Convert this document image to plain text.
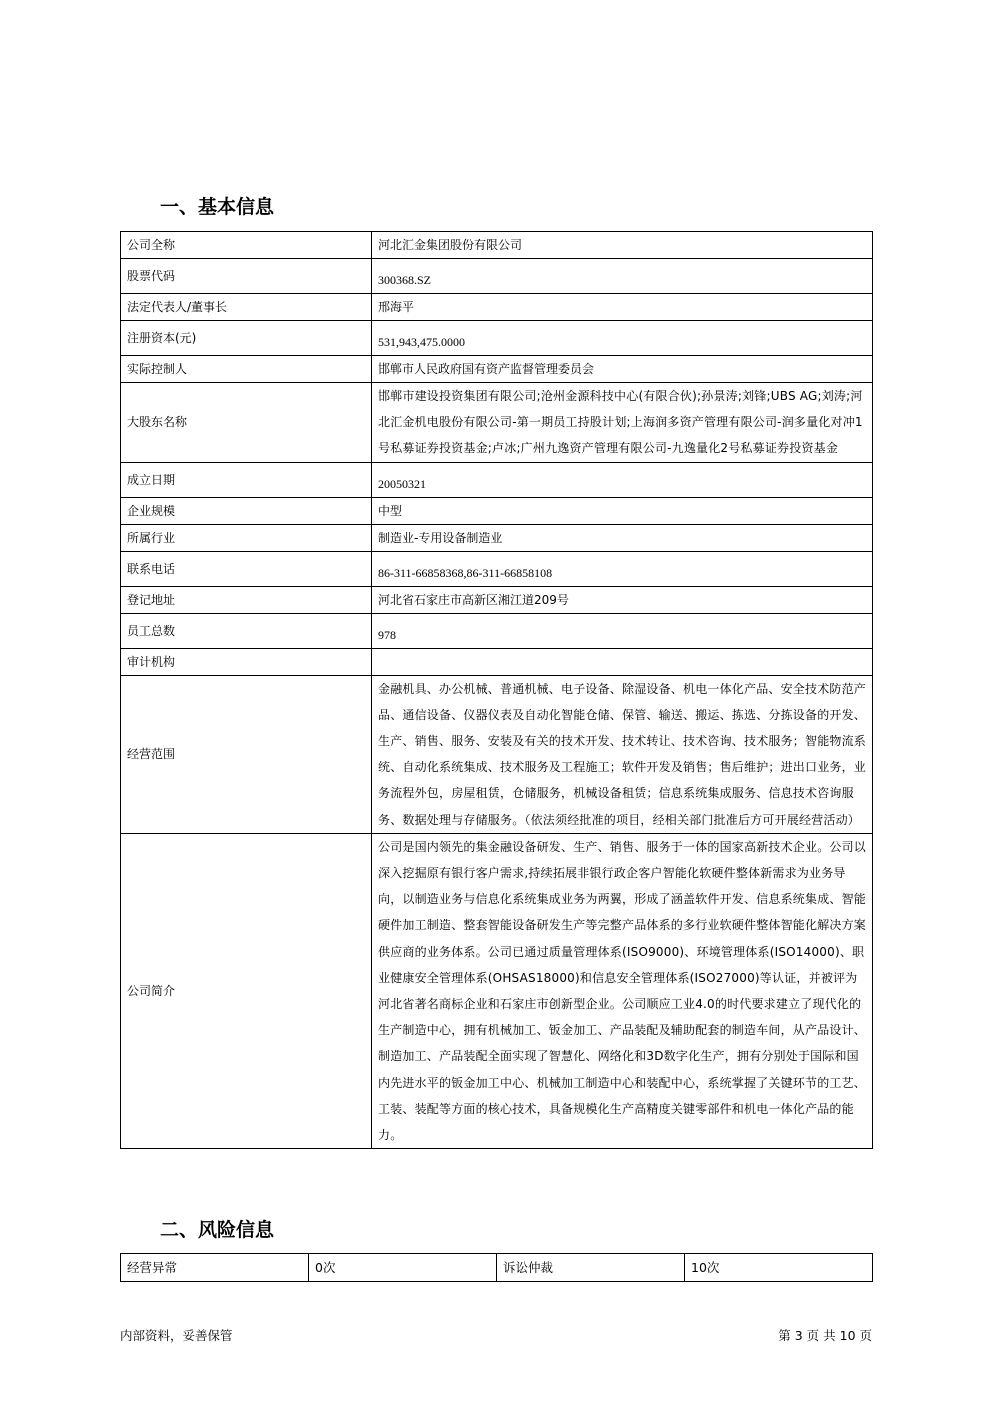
一、基本信息
公司全称	河北汇金集团股份有限公司
股票代码	300368.SZ
法定代表人/董事长	邢海平
注册资本(元)	531,943,475.0000
实际控制人	邯郸市人民政府国有资产监督管理委员会
大股东名称	邯郸市建设投资集团有限公司;沧州金源科技中心(有限合伙);孙景涛;刘锋;UBS AG;刘涛;河北汇金机电股份有限公司-第一期员工持股计划;上海润多资产管理有限公司-润多量化对冲1号私募证券投资基金;卢冰;广州九逸资产管理有限公司-九逸量化2号私募证券投资基金
成立日期	20050321
企业规模	中型
所属行业	制造业-专用设备制造业
联系电话	86-311-66858368,86-311-66858108
登记地址	河北省石家庄市高新区湘江道209号
员工总数	978
审计机构	
经营范围	金融机具、办公机械、普通机械、电子设备、除湿设备、机电一体化产品、安全技术防范产品、通信设备、仪器仪表及自动化智能仓储、保管、输送、搬运、拣选、分拣设备的开发、生产、销售、服务、安装及有关的技术开发、技术转让、技术咨询、技术服务；智能物流系统、自动化系统集成、技术服务及工程施工；软件开发及销售；售后维护；进出口业务，业务流程外包，房屋租赁，仓储服务，机械设备租赁；信息系统集成服务、信息技术咨询服务、数据处理与存储服务。（依法须经批准的项目，经相关部门批准后方可开展经营活动）
公司简介	公司是国内领先的集金融设备研发、生产、销售、服务于一体的国家高新技术企业。公司以深入挖掘原有银行客户需求,持续拓展非银行政企客户智能化软硬件整体新需求为业务导向，以制造业务与信息化系统集成业务为两翼，形成了涵盖软件开发、信息系统集成、智能硬件加工制造、整套智能设备研发生产等完整产品体系的多行业软硬件整体智能化解决方案供应商的业务体系。公司已通过质量管理体系(ISO9000)、环境管理体系(ISO14000)、职业健康安全管理体系(OHSAS18000)和信息安全管理体系(ISO27000)等认证，并被评为河北省著名商标企业和石家庄市创新型企业。公司顺应工业4.0的时代要求建立了现代化的生产制造中心，拥有机械加工、钣金加工、产品装配及辅助配套的制造车间，从产品设计、制造加工、产品装配全面实现了智慧化、网络化和3D数字化生产，拥有分别处于国际和国内先进水平的钣金加工中心、机械加工制造中心和装配中心，系统掌握了关键环节的工艺、工装、装配等方面的核心技术，具备规模化生产高精度关键零部件和机电一体化产品的能力。
二、风险信息
经营异常	0次	诉讼仲裁	10次
内部资料，妥善保管	第 3 页 共 10 页
